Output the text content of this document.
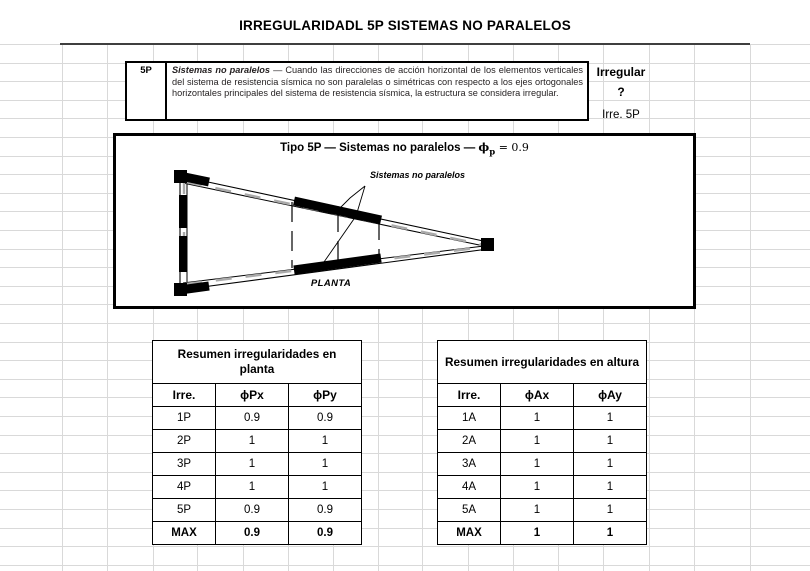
IRREGULARIDADL 5P SISTEMAS NO PARALELOS
5P	Sistemas no paralelos — Cuando las direcciones de acción horizontal de los elementos verticales del sistema de resistencia sísmica no son paralelas o simétricas con respecto a los ejes ortogonales horizontales principales del sistema de resistencia sísmica, la estructura se considera irregular.
Irregular
?
Irre. 5P
Tipo 5P — Sistemas no paralelos — $\phi_p = 0.9$
Sistemas no paralelos
PLANTA
Resumen irregularidades en planta		
Irre.	ϕPx	ϕPy
1P	0.9	0.9
2P	1	1
3P	1	1
4P	1	1
5P	0.9	0.9
MAX	0.9	0.9
Resumen irregularidades en altura		
Irre.	ϕAx	ϕAy
1A	1	1
2A	1	1
3A	1	1
4A	1	1
5A	1	1
MAX	1	1
